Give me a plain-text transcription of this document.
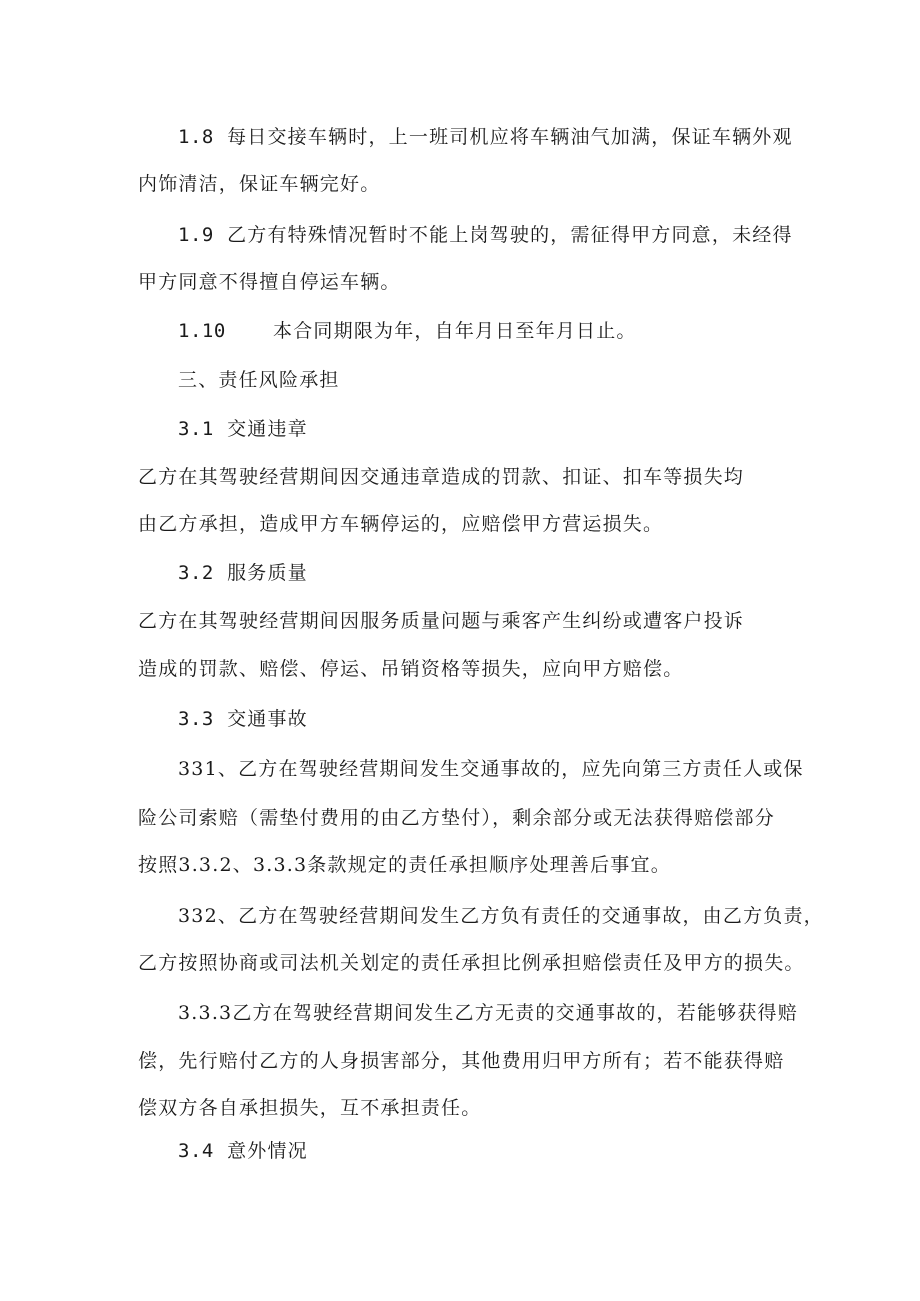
1.8 每日交接车辆时，上一班司机应将车辆油气加满，保证车辆外观
内饰清洁，保证车辆完好。
1.9 乙方有特殊情况暂时不能上岗驾驶的，需征得甲方同意，未经得
甲方同意不得擅自停运车辆。
1.10 本合同期限为年，自年月日至年月日止。
三、责任风险承担
3.1 交通违章
乙方在其驾驶经营期间因交通违章造成的罚款、扣证、扣车等损失均
由乙方承担，造成甲方车辆停运的，应赔偿甲方营运损失。
3.2 服务质量
乙方在其驾驶经营期间因服务质量问题与乘客产生纠纷或遭客户投诉
造成的罚款、赔偿、停运、吊销资格等损失，应向甲方赔偿。
3.3 交通事故
331、乙方在驾驶经营期间发生交通事故的，应先向第三方责任人或保
险公司索赔（需垫付费用的由乙方垫付），剩余部分或无法获得赔偿部分
按照3.3.2、3.3.3条款规定的责任承担顺序处理善后事宜。
332、乙方在驾驶经营期间发生乙方负有责任的交通事故，由乙方负责，
乙方按照协商或司法机关划定的责任承担比例承担赔偿责任及甲方的损失。
3.3.3乙方在驾驶经营期间发生乙方无责的交通事故的，若能够获得赔
偿，先行赔付乙方的人身损害部分，其他费用归甲方所有；若不能获得赔
偿双方各自承担损失，互不承担责任。
3.4 意外情况
